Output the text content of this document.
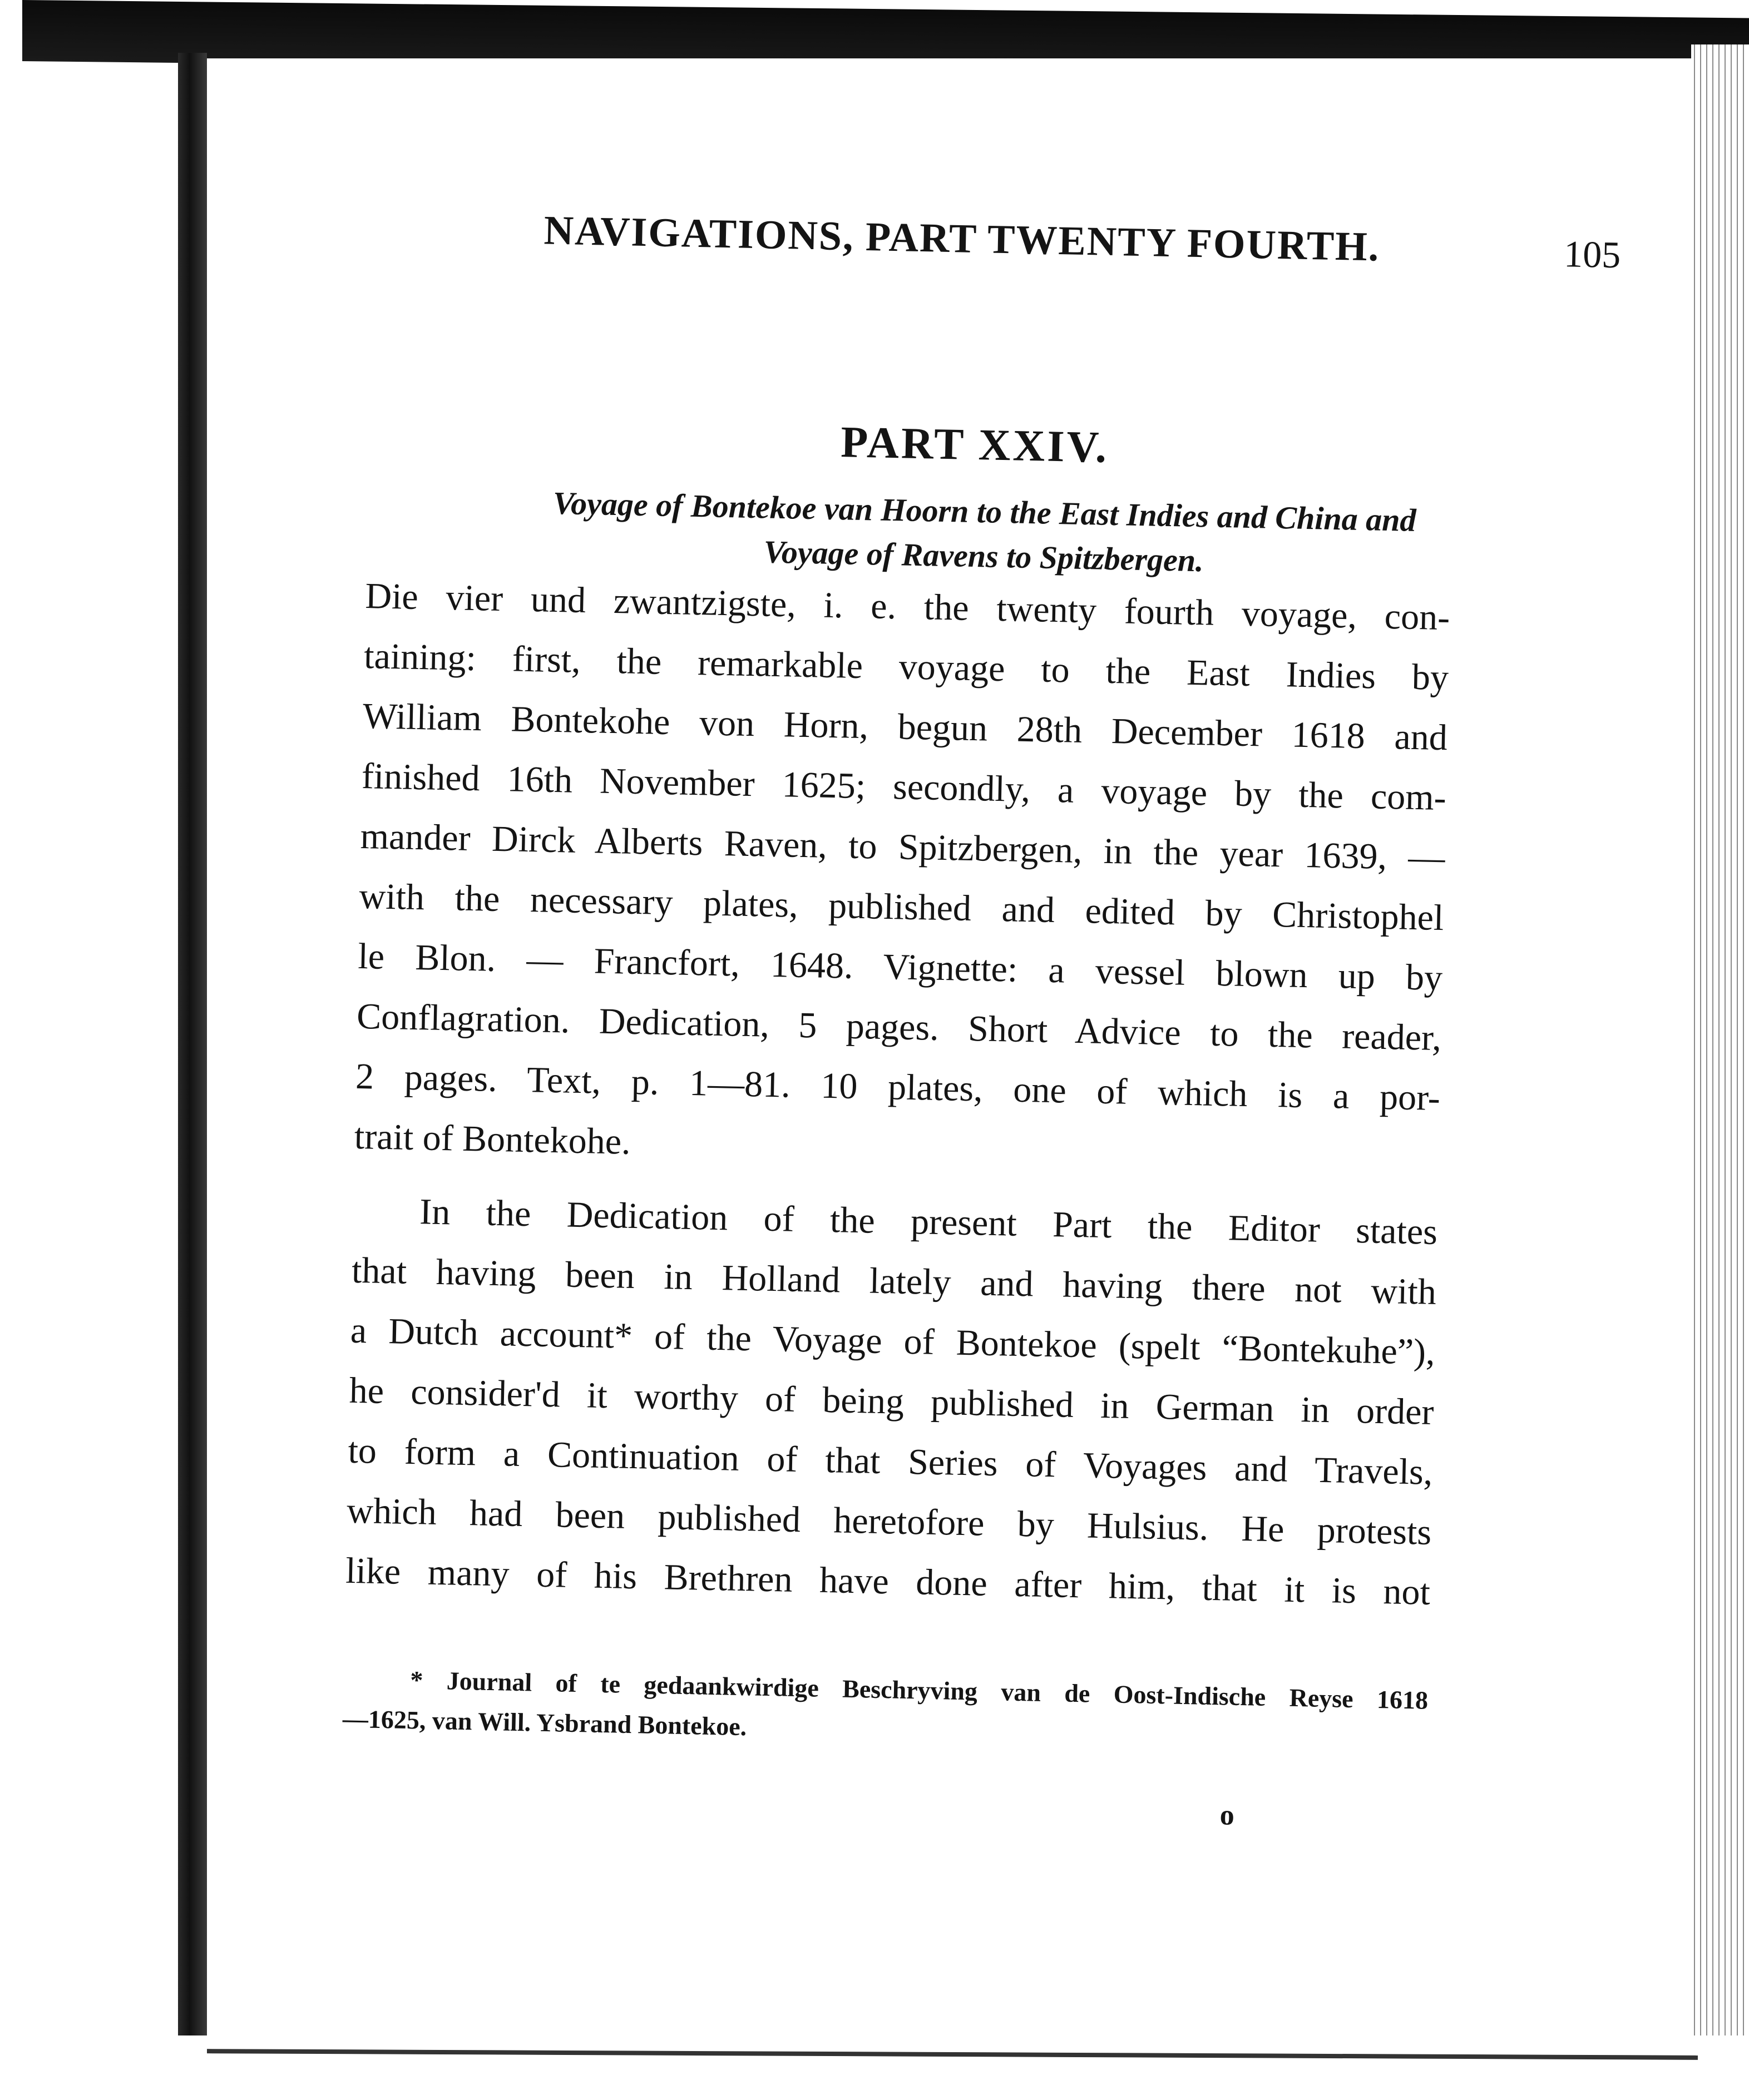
NAVIGATIONS, PART TWENTY FOURTH.	105
PART XXIV.
Voyage of Bontekoe van Hoorn to the East Indies and China and
Voyage of Ravens to Spitzbergen.
Die vier und zwantzigste, i. e. the twenty fourth voyage, con-
taining: first, the remarkable voyage to the East Indies by
William Bontekohe von Horn, begun 28th December 1618 and
finished 16th November 1625; secondly, a voyage by the com-
mander Dirck Alberts Raven, to Spitzbergen, in the year 1639, —
with the necessary plates, published and edited by Christophel
le Blon. — Francfort, 1648. Vignette: a vessel blown up by
Conflagration. Dedication, 5 pages. Short Advice to the reader,
2 pages. Text, p. 1—81. 10 plates, one of which is a por-
trait of Bontekohe.
In the Dedication of the present Part the Editor states
that having been in Holland lately and having there not with
a Dutch account* of the Voyage of Bontekoe (spelt “Bontekuhe”),
he consider'd it worthy of being published in German in order
to form a Continuation of that Series of Voyages and Travels,
which had been published heretofore by Hulsius. He protests
like many of his Brethren have done after him, that it is not
* Journal of te gedaankwirdige Beschryving van de Oost-Indische Reyse 1618
—1625, van Will. Ysbrand Bontekoe.
o
